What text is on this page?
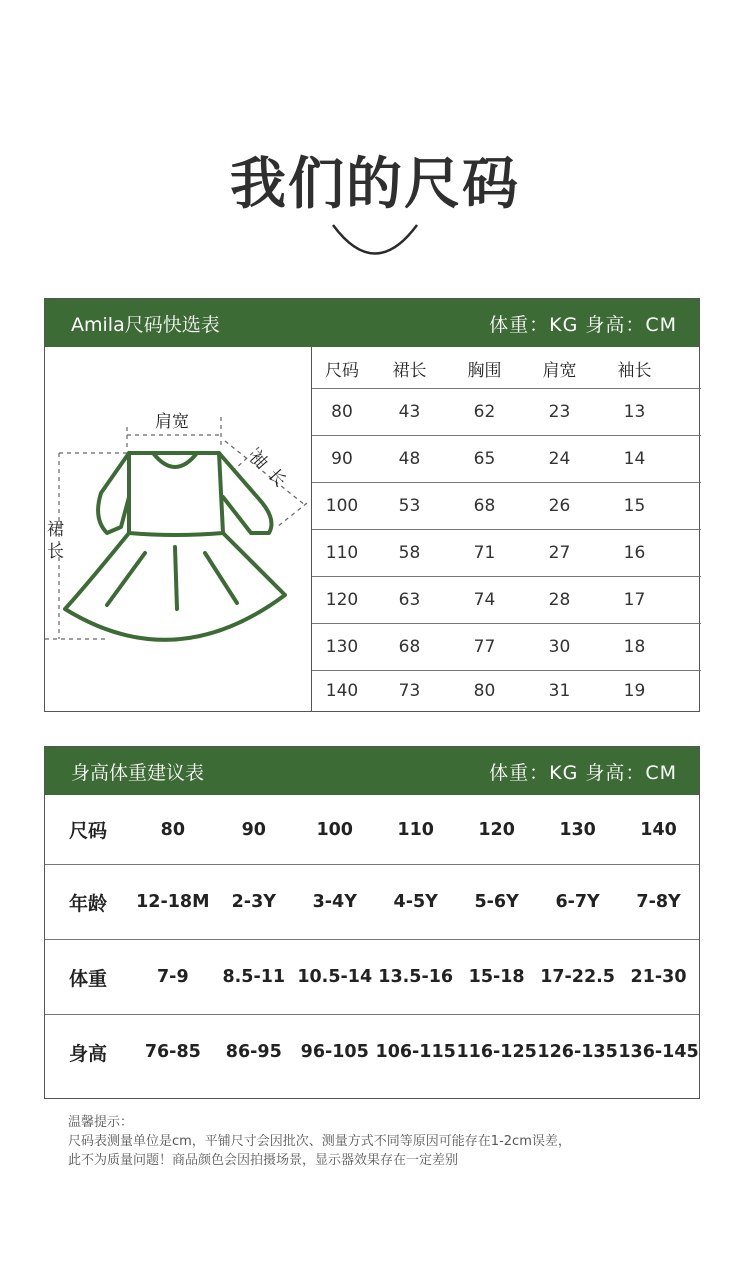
我们的尺码
Amila尺码快选表	体重：KG 身高：CM
肩宽
袖
长
裙
长
尺码	裙长	胸围	肩宽	袖长
80	43	62	23	13
90	48	65	24	14
100	53	68	26	15
110	58	71	27	16
120	63	74	28	17
130	68	77	30	18
140	73	80	31	19
身高体重建议表	体重：KG 身高：CM
尺码	80	90	100	110	120	130	140
年龄	12-18M	2-3Y	3-4Y	4-5Y	5-6Y	6-7Y	7-8Y
体重	7-9	8.5-11 10.5-14 13.5-16 15-18 17-22.5 21-30
身高	76-85	86-95	96-105 106-115 116-125 126-135 136-145
温馨提示：
尺码表测量单位是cm，平铺尺寸会因批次、测量方式不同等原因可能存在1-2cm误差，
此不为质量问题！商品颜色会因拍摄场景，显示器效果存在一定差别
